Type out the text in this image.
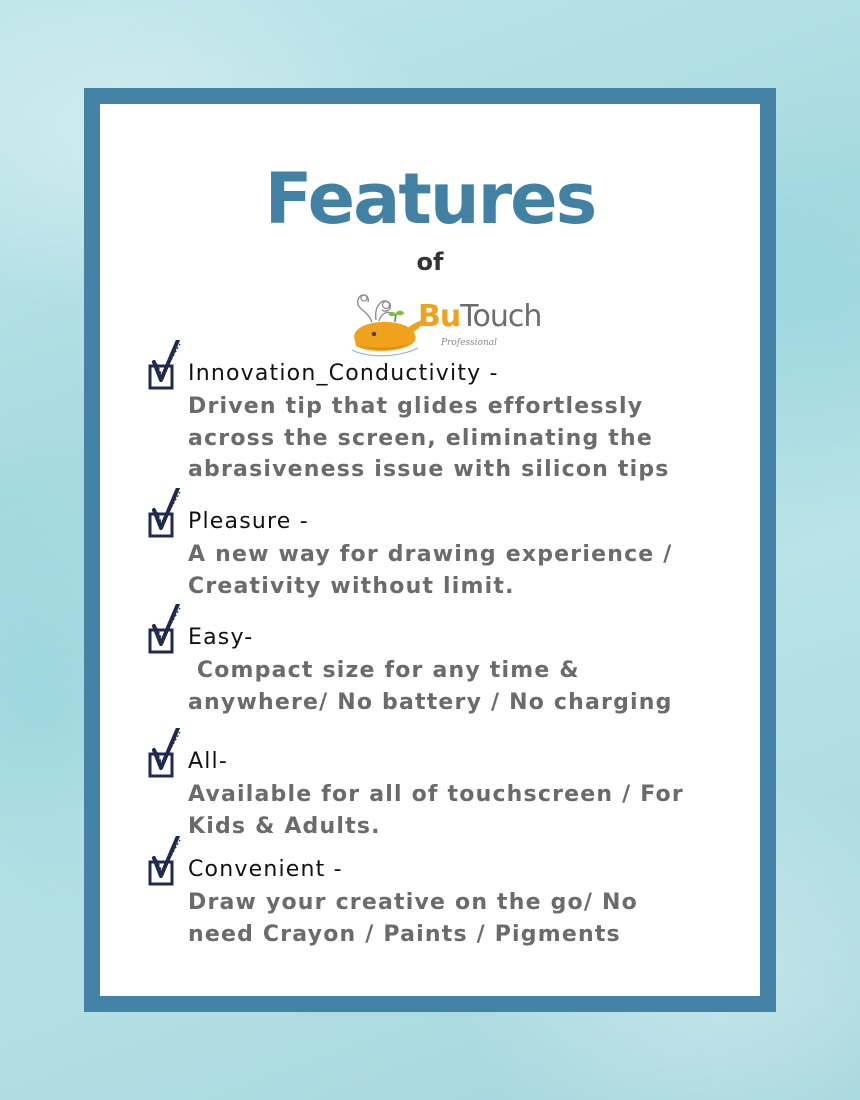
Features
of
BuTouch
Professional
Innovation_Conductivity -
Driven tip that glides effortlessly
across the screen, eliminating the
abrasiveness issue with silicon tips
Pleasure -
A new way for drawing experience /
Creativity without limit.
Easy-
Compact size for any time &
anywhere/ No battery / No charging
All-
Available for all of touchscreen / For
Kids & Adults.
Convenient -
Draw your creative on the go/ No
need Crayon / Paints / Pigments
